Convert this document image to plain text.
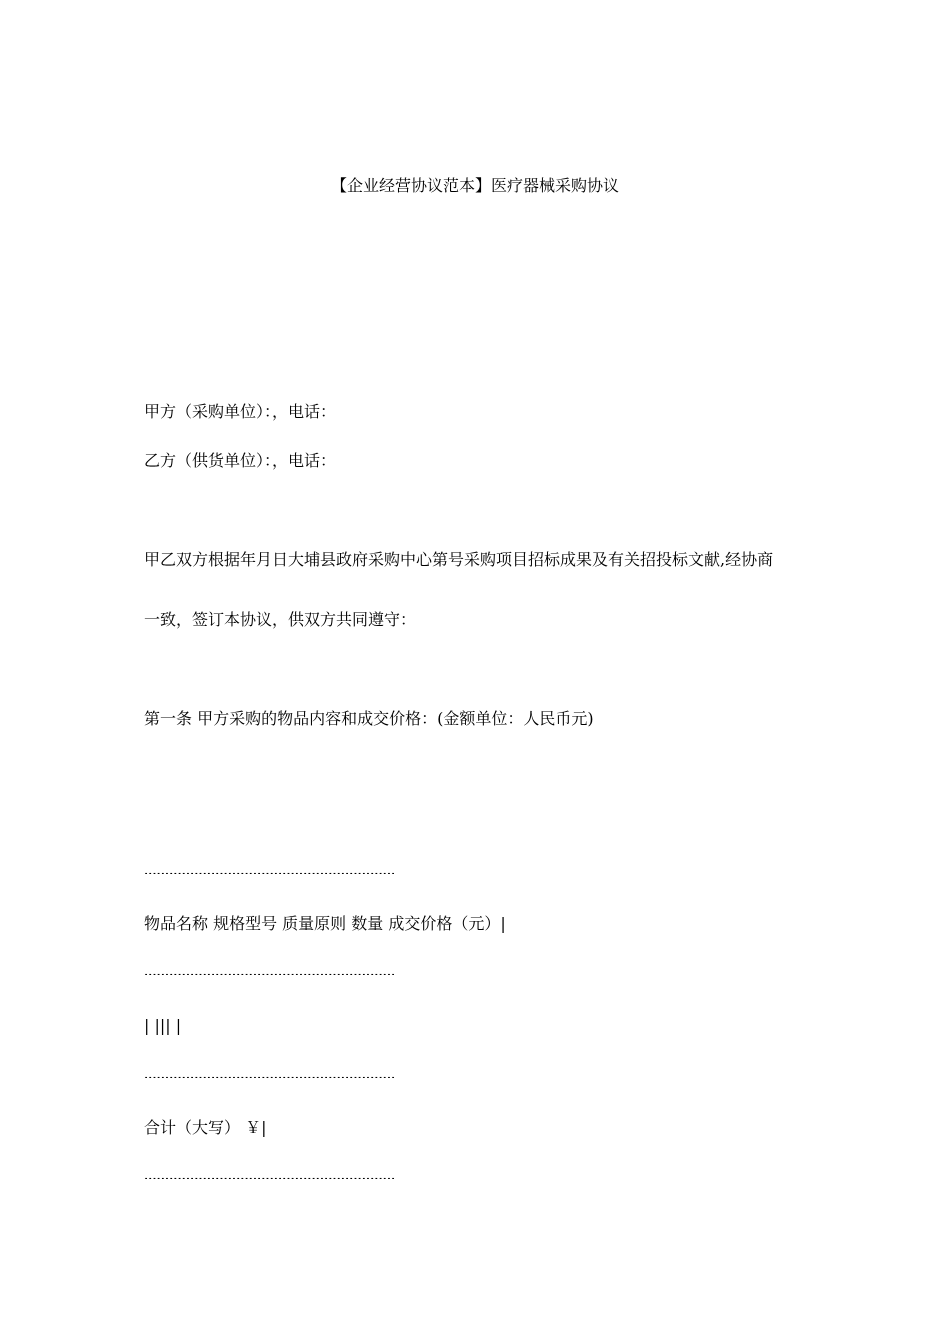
【企业经营协议范本】医疗器械采购协议
甲方（采购单位）：，电话：
乙方（供货单位）：，电话：
甲乙双方根据年月日大埔县政府采购中心第号采购项目招标成果及有关招投标文献,经协商
一致，签订本协议，供双方共同遵守：
第一条 甲方采购的物品内容和成交价格：(金额单位：人民币元)
------------------------------------------------------------
物品名称 规格型号 质量原则 数量 成交价格（元）|
------------------------------------------------------------
| ||| |
------------------------------------------------------------
合计（大写） ￥|
------------------------------------------------------------
